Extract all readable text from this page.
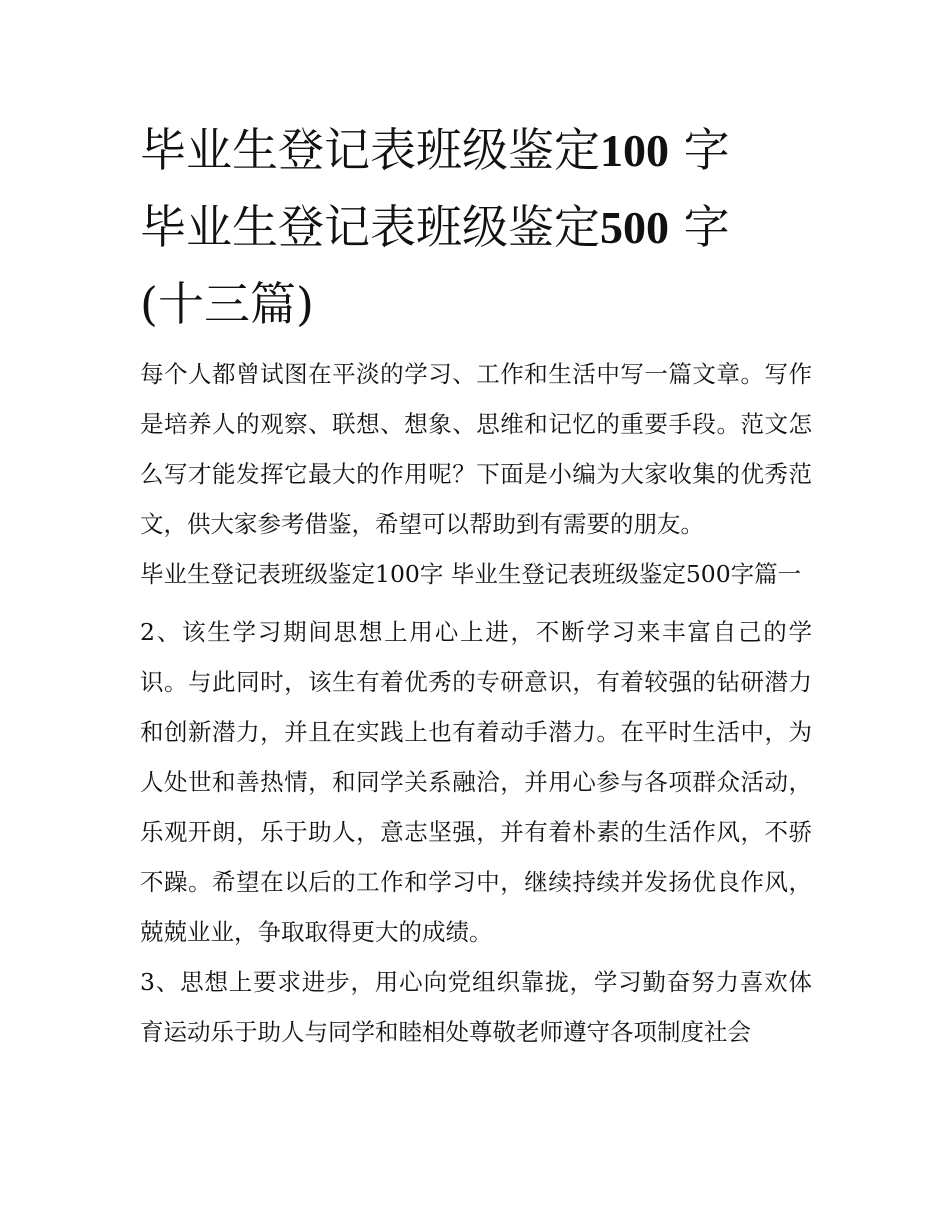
毕业生登记表班级鉴定100 字
毕业生登记表班级鉴定500 字
(十三篇)

每个人都曾试图在平淡的学习、工作和生活中写一篇文章。写作是培养人的观察、联想、想象、思维和记忆的重要手段。范文怎么写才能发挥它最大的作用呢？下面是小编为大家收集的优秀范文，供大家参考借鉴，希望可以帮助到有需要的朋友。

毕业生登记表班级鉴定100字 毕业生登记表班级鉴定500字篇一

2、该生学习期间思想上用心上进，不断学习来丰富自己的学识。与此同时，该生有着优秀的专研意识，有着较强的钻研潜力和创新潜力，并且在实践上也有着动手潜力。在平时生活中，为人处世和善热情，和同学关系融洽，并用心参与各项群众活动，乐观开朗，乐于助人，意志坚强，并有着朴素的生活作风，不骄不躁。希望在以后的工作和学习中，继续持续并发扬优良作风，兢兢业业，争取取得更大的成绩。

3、思想上要求进步，用心向党组织靠拢，学习勤奋努力喜欢体育运动乐于助人与同学和睦相处尊敬老师遵守各项制度社会
